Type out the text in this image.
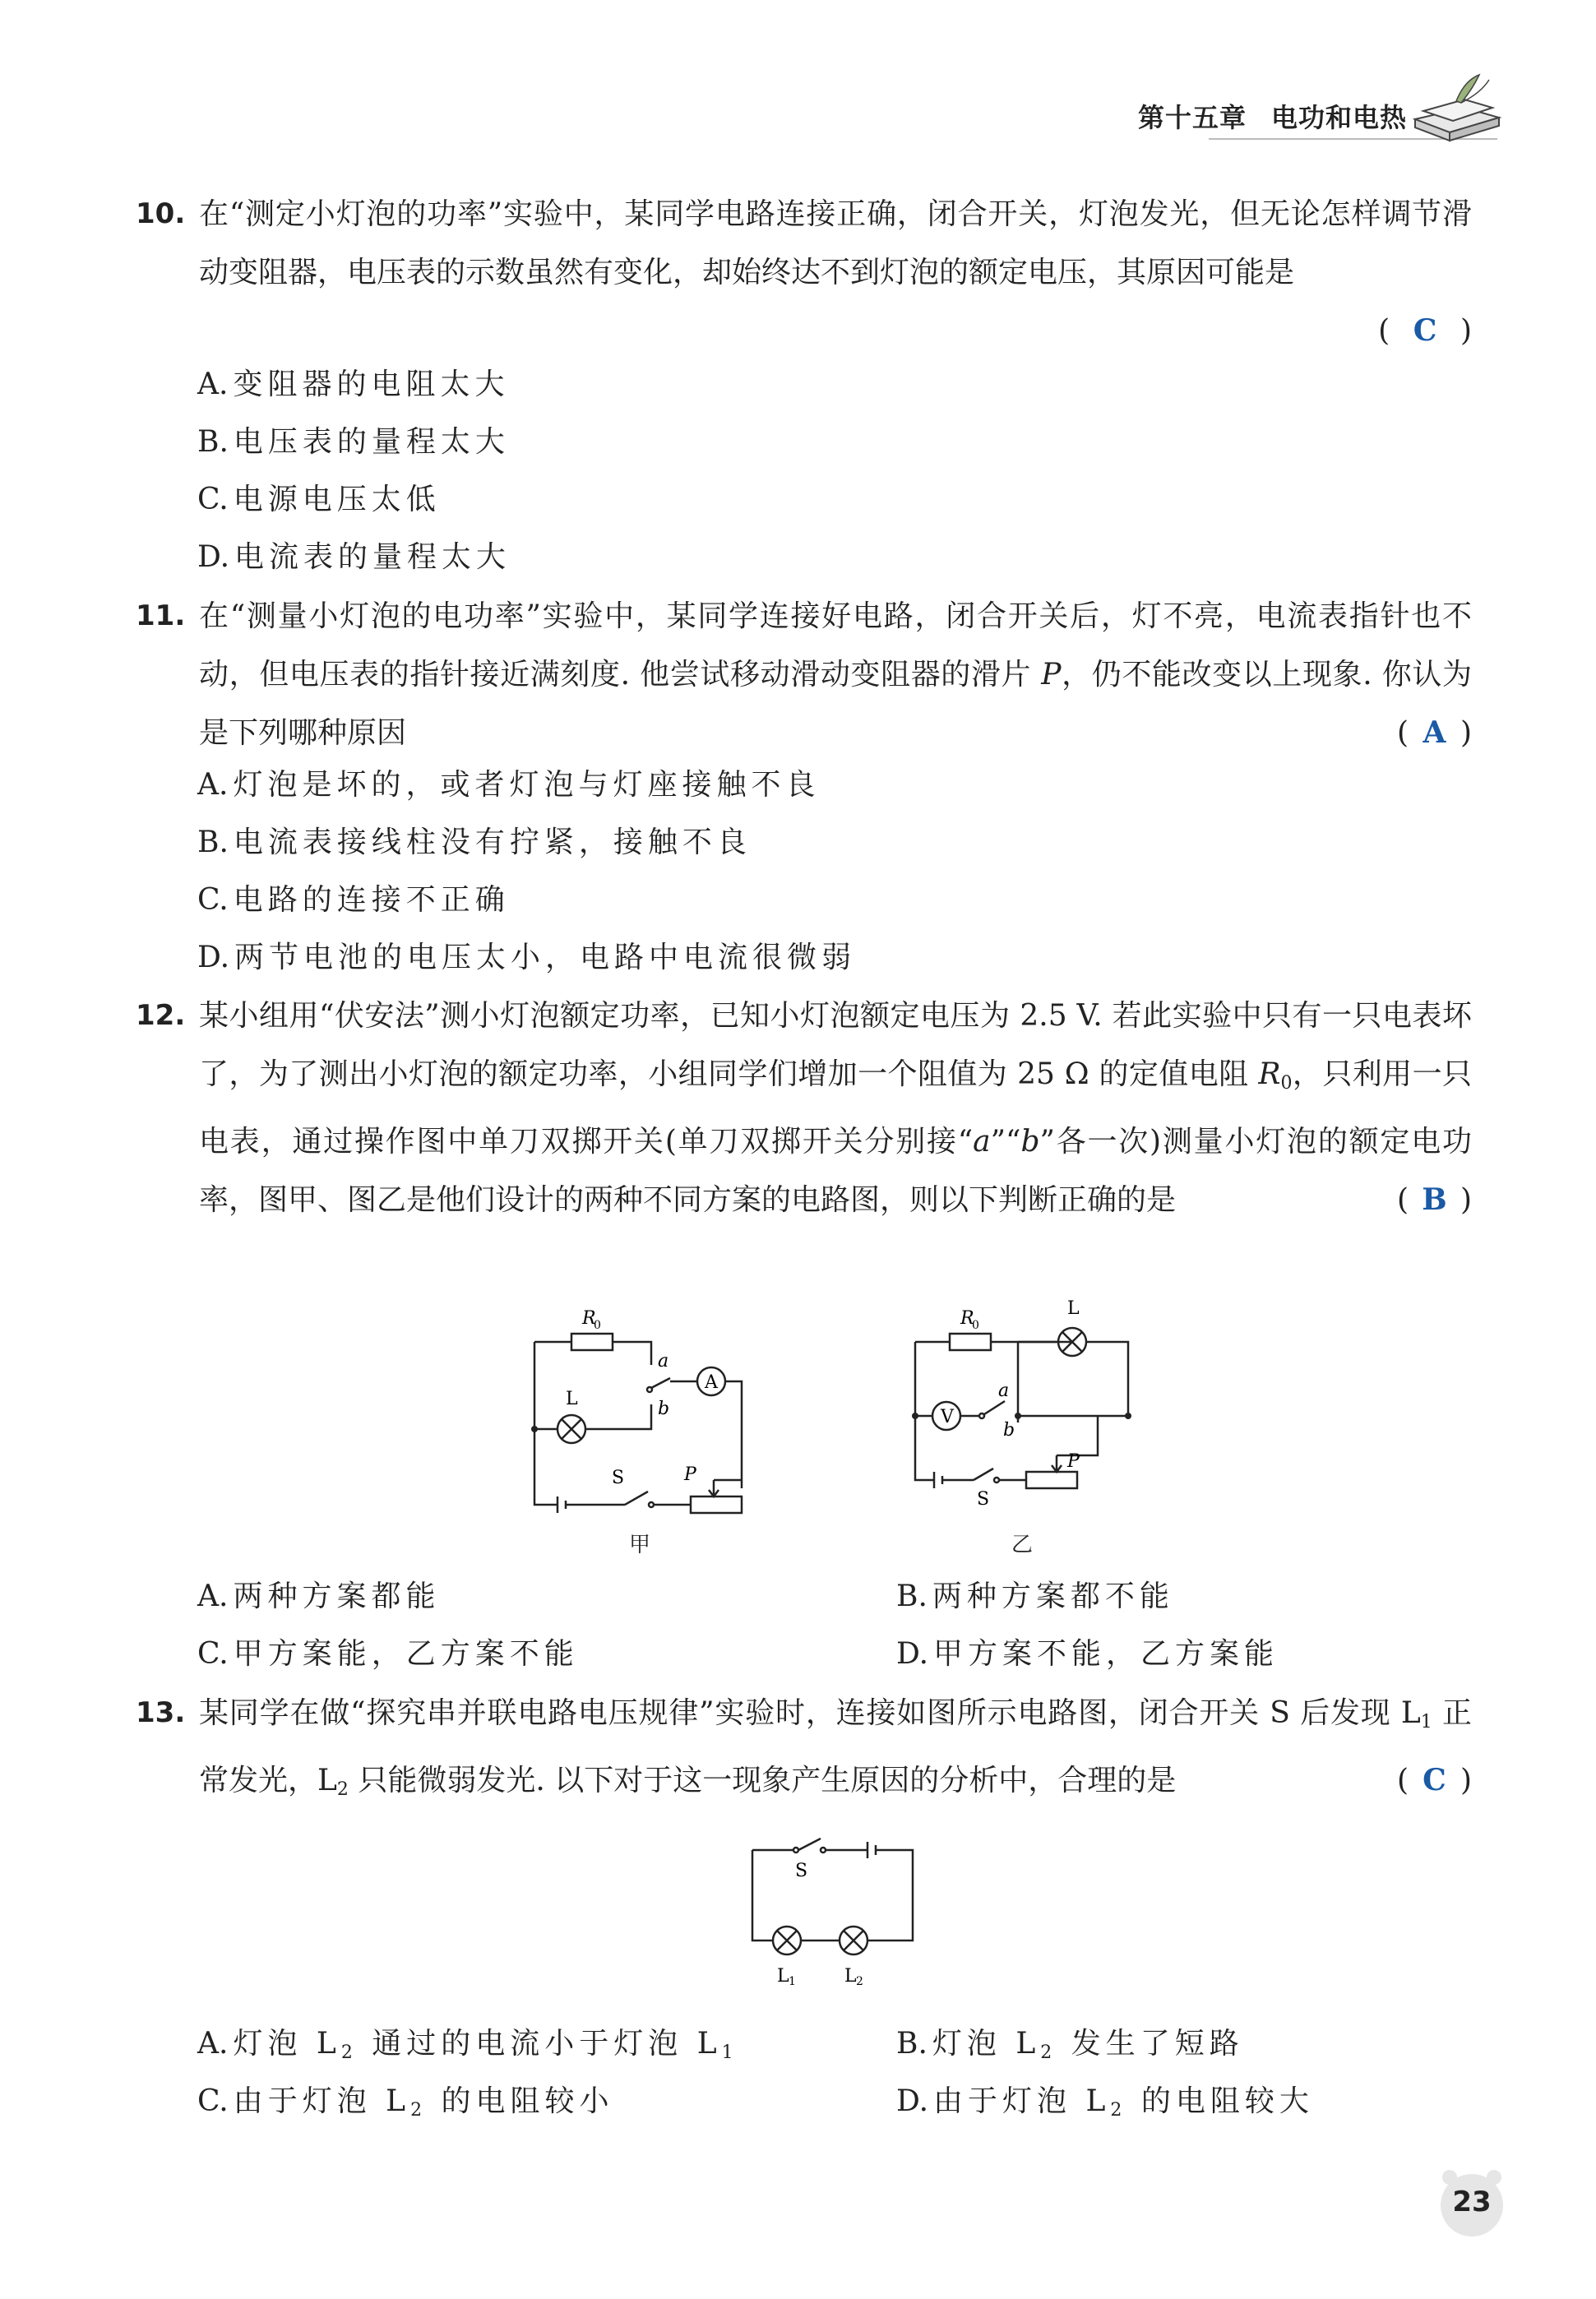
第十五章 电功和电热
10. 在“测定小灯泡的功率”实验中，某同学电路连接正确，闭合开关，灯泡发光，但无论怎样调节滑动变阻器，电压表的示数虽然有变化，却始终达不到灯泡的额定电压，其原因可能是
(  C  )
A. 变阻器的电阻太大
B. 电压表的量程太大
C. 电源电压太低
D. 电流表的量程太大
11. 在“测量小灯泡的电功率”实验中，某同学连接好电路，闭合开关后，灯不亮，电流表指针也不动，但电压表的指针接近满刻度. 他尝试移动滑动变阻器的滑片 P，仍不能改变以上现象. 你认为是下列哪种原因	( A )
A. 灯泡是坏的，或者灯泡与灯座接触不良
B. 电流表接线柱没有拧紧，接触不良
C. 电路的连接不正确
D. 两节电池的电压太小，电路中电流很微弱
12. 某小组用“伏安法”测小灯泡额定功率，已知小灯泡额定电压为 2.5 V. 若此实验中只有一只电表坏了，为了测出小灯泡的额定功率，小组同学们增加一个阻值为 25 Ω 的定值电阻 $R_0$，只利用一只电表，通过操作图中单刀双掷开关(单刀双掷开关分别接“a”“b”各一次)测量小灯泡的额定电功率，图甲、图乙是他们设计的两种不同方案的电路图，则以下判断正确的是	( B )
R
0
a
b
L
A
S	P
甲
R
0
L
V
a
b
S
P
乙
A. 两种方案都能	B. 两种方案都不能
C. 甲方案能，乙方案不能	D. 甲方案不能，乙方案能
13. 某同学在做“探究串并联电路电压规律”实验时，连接如图所示电路图，闭合开关 S 后发现 $L_1$ 正常发光，$L_2$ 只能微弱发光. 以下对于这一现象产生原因的分析中，合理的是	( C )
S
L 1	L 2
A. 灯泡 $L_2$ 通过的电流小于灯泡 $L_1$	B. 灯泡 $L_2$ 发生了短路
C. 由于灯泡 $L_2$ 的电阻较小	D. 由于灯泡 $L_2$ 的电阻较大
23
